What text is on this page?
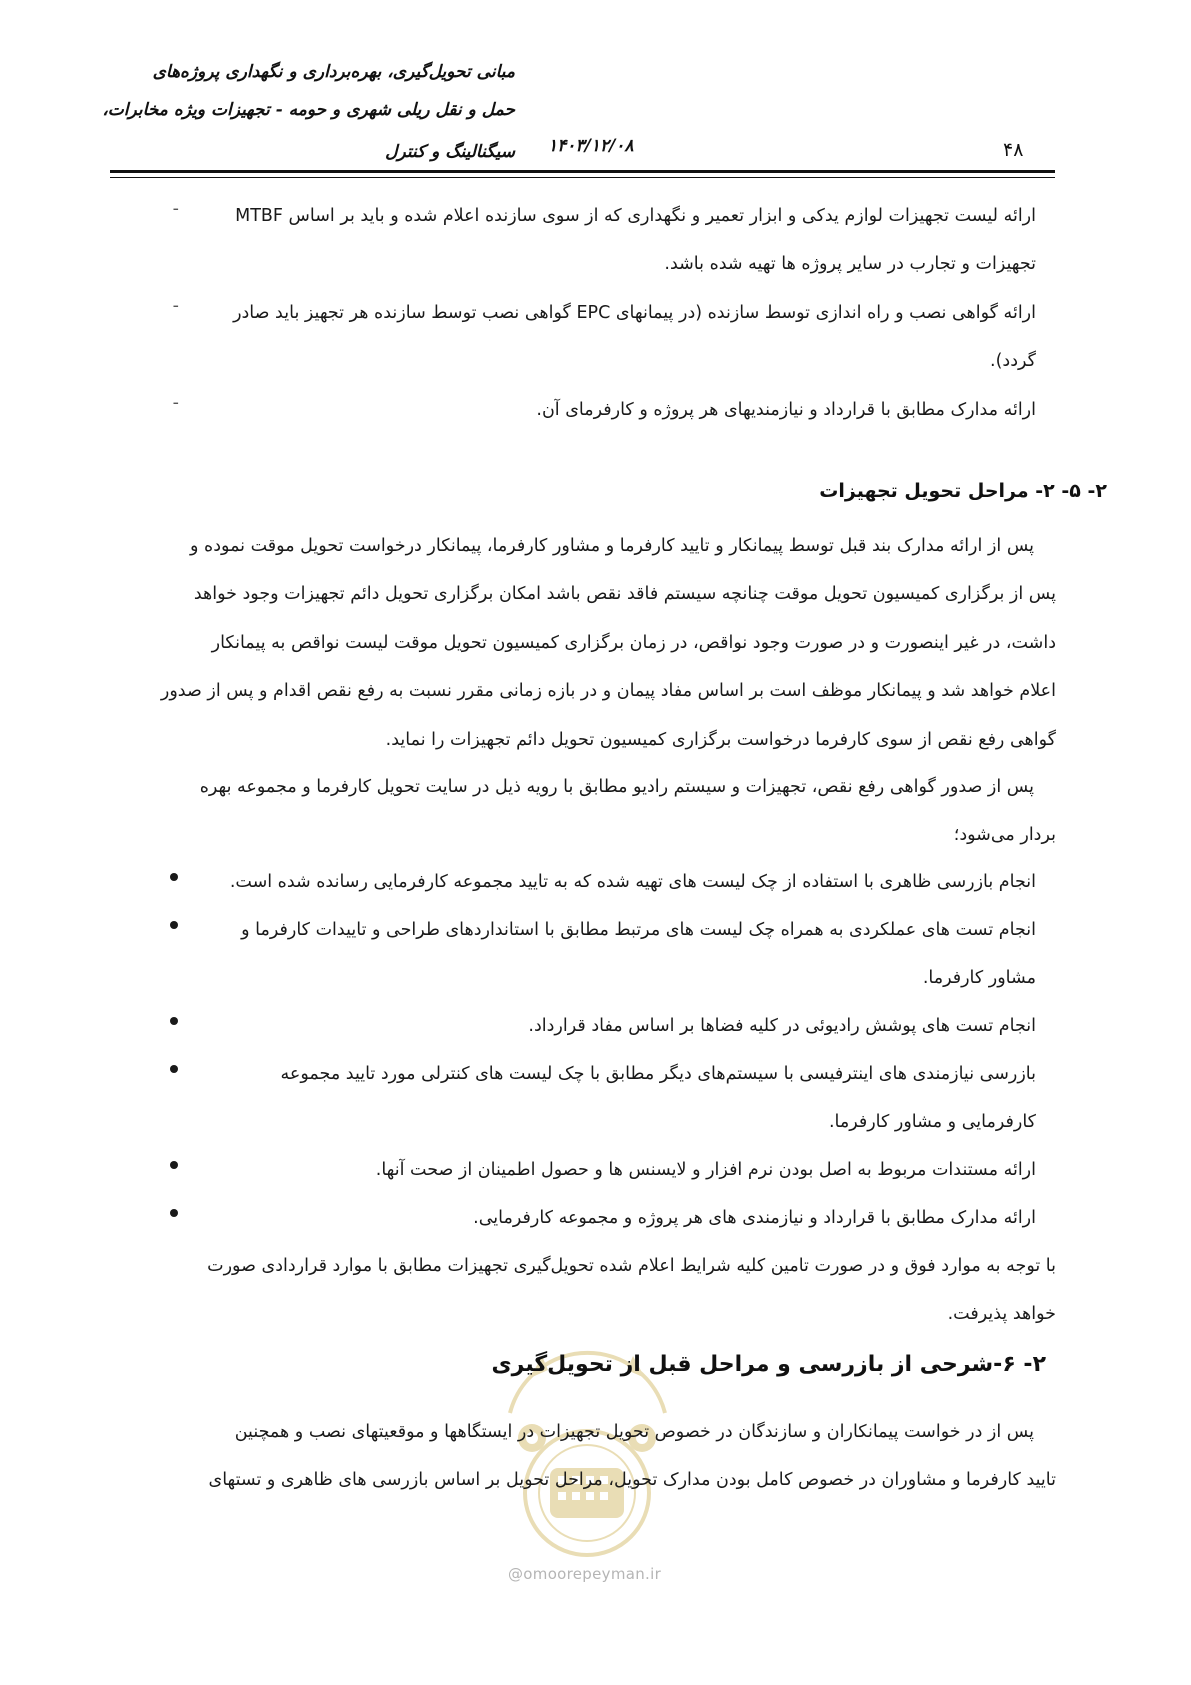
مبانی تحویل‌گیری، بهره‌برداری و نگهداری پروژه‌های
حمل و نقل ریلی شهری و حومه - تجهیزات ویژه مخابرات،
سیگنالینگ و کنترل ۱۴۰۳/۱۲/۰۸	۴۸
-	ارائه لیست تجهیزات لوازم یدکی و ابزار تعمیر و نگهداری که از سوی سازنده اعلام شده و باید بر اساس MTBF
تجهیزات و تجارب در سایر پروژه ها تهیه شده باشد.
-	ارائه گواهی نصب و راه اندازی توسط سازنده (در پیمانهای EPC گواهی نصب توسط سازنده هر تجهیز باید صادر
گردد).
-	ارائه مدارک مطابق با قرارداد و نیازمندیهای هر پروژه و کارفرمای آن.
۲- ۵- ۲- مراحل تحویل تجهیزات
پس از ارائه مدارک بند قبل توسط پیمانکار و تایید کارفرما و مشاور کارفرما، پیمانکار درخواست تحویل موقت نموده و
پس از برگزاری کمیسیون تحویل موقت چنانچه سیستم فاقد نقص باشد امکان برگزاری تحویل دائم تجهیزات وجود خواهد
داشت، در غیر اینصورت و در صورت وجود نواقص، در زمان برگزاری کمیسیون تحویل موقت لیست نواقص به پیمانکار
اعلام خواهد شد و پیمانکار موظف است بر اساس مفاد پیمان و در بازه زمانی مقرر نسبت به رفع نقص اقدام و پس از صدور
گواهی رفع نقص از سوی کارفرما درخواست برگزاری کمیسیون تحویل دائم تجهیزات را نماید.
پس از صدور گواهی رفع نقص، تجهیزات و سیستم رادیو مطابق با رویه ذیل در سایت تحویل کارفرما و مجموعه بهره
بردار می‌شود؛
انجام بازرسی ظاهری با استفاده از چک لیست های تهیه شده که به تایید مجموعه کارفرمایی رسانده شده است.
انجام تست های عملکردی به همراه چک لیست های مرتبط مطابق با استانداردهای طراحی و تاییدات کارفرما و
مشاور کارفرما.
انجام تست های پوشش رادیوئی در کلیه فضاها بر اساس مفاد قرارداد.
بازرسی نیازمندی های اینترفیسی با سیستم‌های دیگر مطابق با چک لیست های کنترلی مورد تایید مجموعه
کارفرمایی و مشاور کارفرما.
ارائه مستندات مربوط به اصل بودن نرم افزار و لایسنس ها و حصول اطمینان از صحت آنها.
ارائه مدارک مطابق با قرارداد و نیازمندی های هر پروژه و مجموعه کارفرمایی.
با توجه به موارد فوق و در صورت تامین کلیه شرایط اعلام شده تحویل‌گیری تجهیزات مطابق با موارد قراردادی صورت
خواهد پذیرفت.
@omoorepeyman.ir
۲- ۶-شرحی از بازرسی و مراحل قبل از تحویل‌گیری
پس از در خواست پیمانکاران و سازندگان در خصوص تحویل تجهیزات در ایستگاهها و موقعیتهای نصب و همچنین
تایید کارفرما و مشاوران در خصوص کامل بودن مدارک تحویل، مراحل تحویل بر اساس بازرسی های ظاهری و تستهای
